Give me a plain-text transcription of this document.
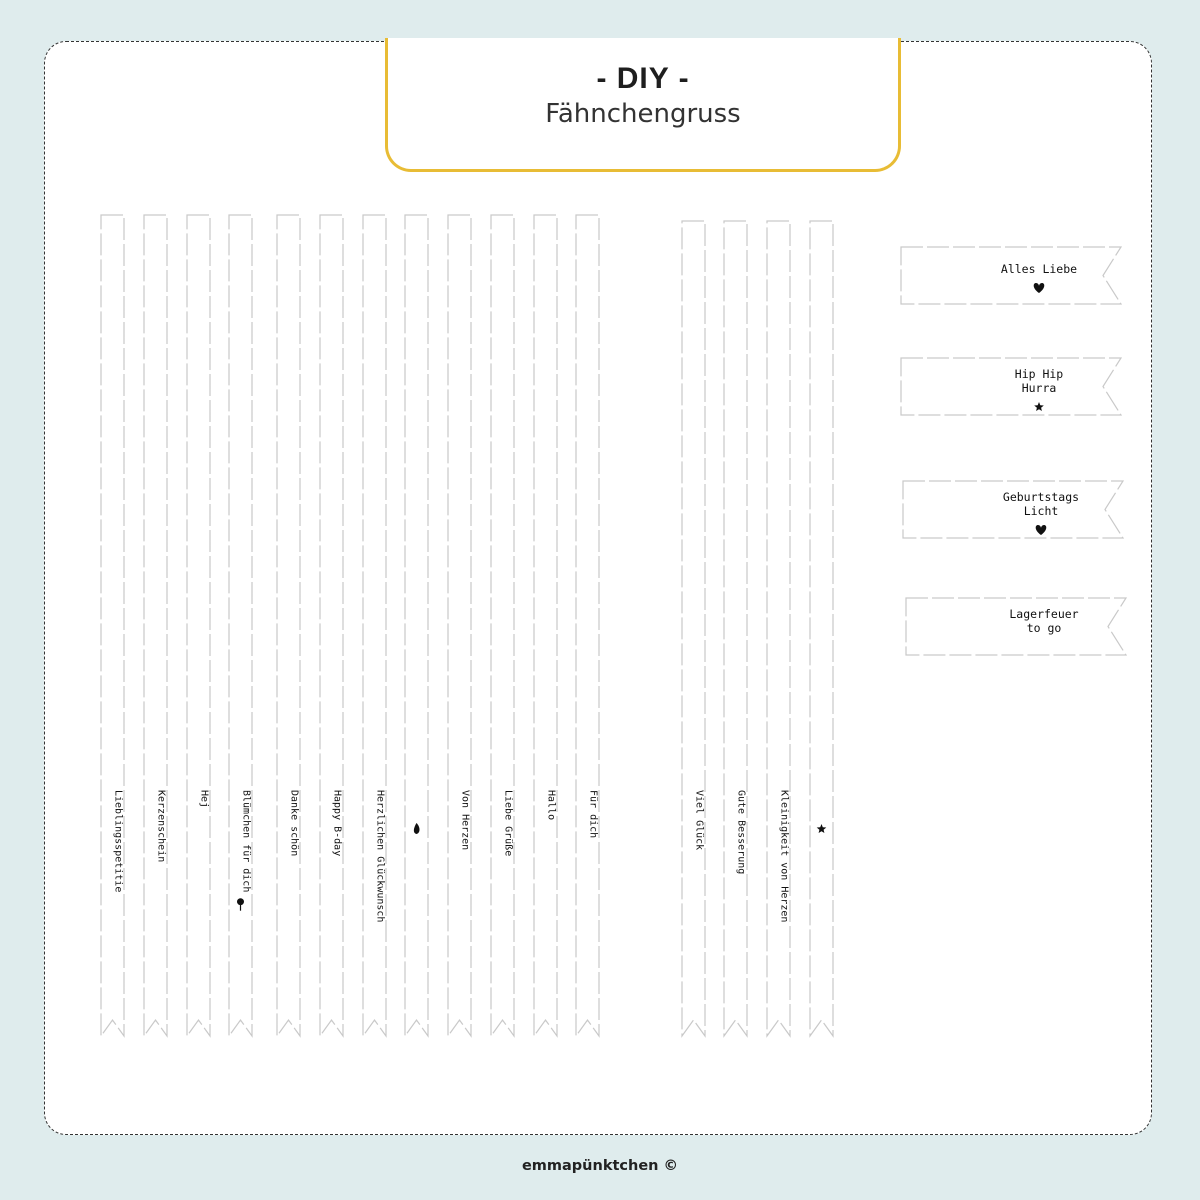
- DIY -
Fähnchengruss
Lieblingsspetitie	Kerzenschein	Hej	Blümchen für dich	Danke schön	Happy B-day	Herzlichen Glückwunsch	Von Herzen	Liebe Grüße	Hallo	Für dich	Viel Glück	Gute Besserung	Kleinigkeit von Herzen
Alles Liebe
Hip Hip
Hurra
Geburtstags
Licht
Lagerfeuer
to go
emmapünktchen ©
